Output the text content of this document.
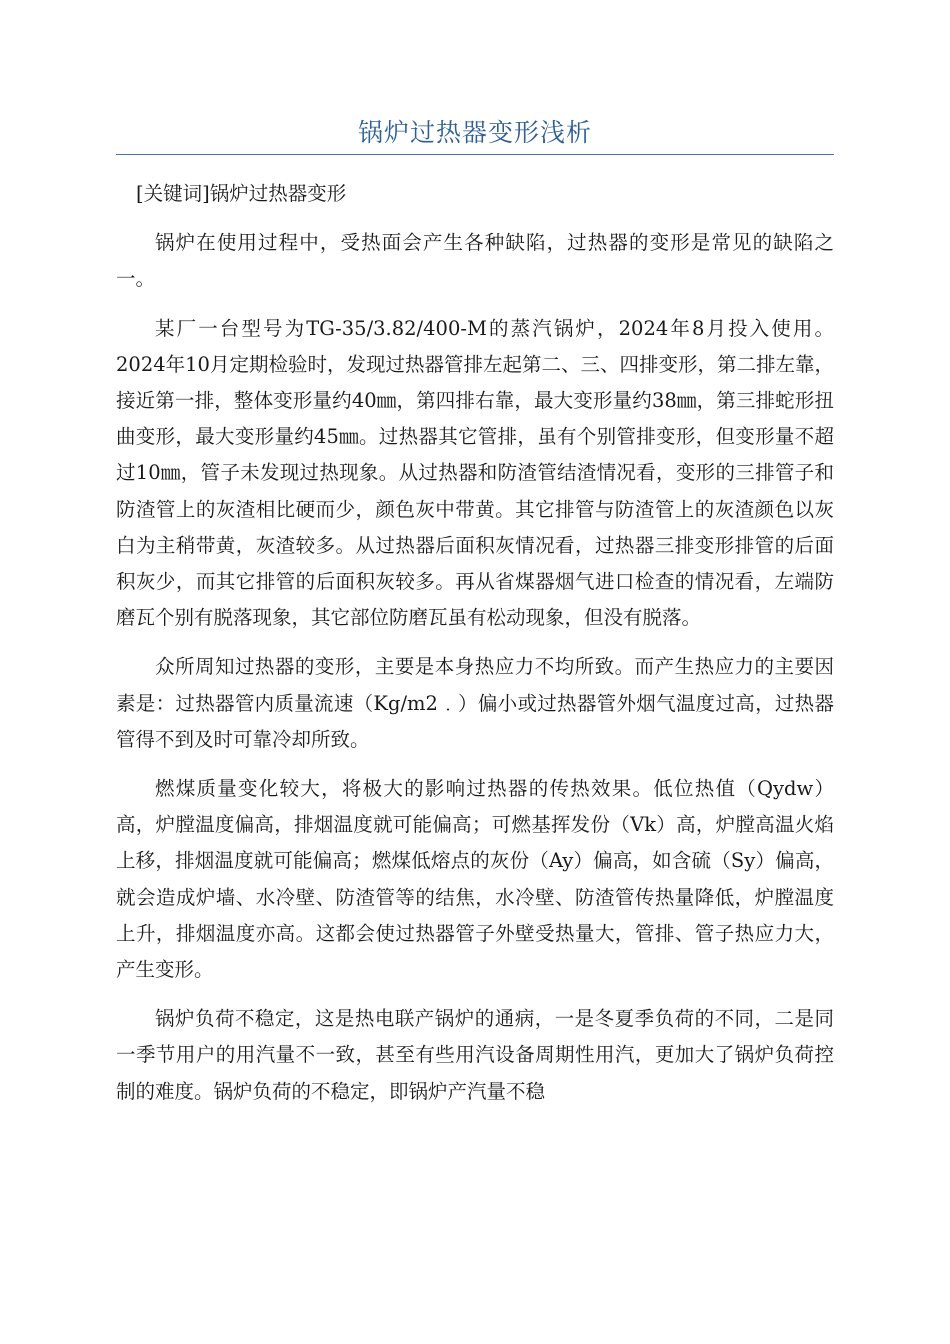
锅炉过热器变形浅析

[关键词]锅炉过热器变形

锅炉在使用过程中，受热面会产生各种缺陷，过热器的变形是常见的缺陷之一。

某厂一台型号为TG-35/3.82/400-M的蒸汽锅炉，2024年8月投入使用。2024年10月定期检验时，发现过热器管排左起第二、三、四排变形，第二排左靠，接近第一排，整体变形量约40㎜，第四排右靠，最大变形量约38㎜，第三排蛇形扭曲变形，最大变形量约45㎜。过热器其它管排，虽有个别管排变形，但变形量不超过10㎜，管子未发现过热现象。从过热器和防渣管结渣情况看，变形的三排管子和防渣管上的灰渣相比硬而少，颜色灰中带黄。其它排管与防渣管上的灰渣颜色以灰白为主稍带黄，灰渣较多。从过热器后面积灰情况看，过热器三排变形排管的后面积灰少，而其它排管的后面积灰较多。再从省煤器烟气进口检查的情况看，左端防磨瓦个别有脱落现象，其它部位防磨瓦虽有松动现象，但没有脱落。

众所周知过热器的变形，主要是本身热应力不均所致。而产生热应力的主要因素是：过热器管内质量流速（Kg/m2﹒）偏小或过热器管外烟气温度过高，过热器管得不到及时可靠冷却所致。

燃煤质量变化较大，将极大的影响过热器的传热效果。低位热值（Qydw）高，炉膛温度偏高，排烟温度就可能偏高；可燃基挥发份（Vk）高，炉膛高温火焰上移，排烟温度就可能偏高；燃煤低熔点的灰份（Ay）偏高，如含硫（Sy）偏高，就会造成炉墙、水冷壁、防渣管等的结焦，水冷壁、防渣管传热量降低，炉膛温度上升，排烟温度亦高。这都会使过热器管子外壁受热量大，管排、管子热应力大，产生变形。

锅炉负荷不稳定，这是热电联产锅炉的通病，一是冬夏季负荷的不同，二是同一季节用户的用汽量不一致，甚至有些用汽设备周期性用汽，更加大了锅炉负荷控制的难度。锅炉负荷的不稳定，即锅炉产汽量不稳
